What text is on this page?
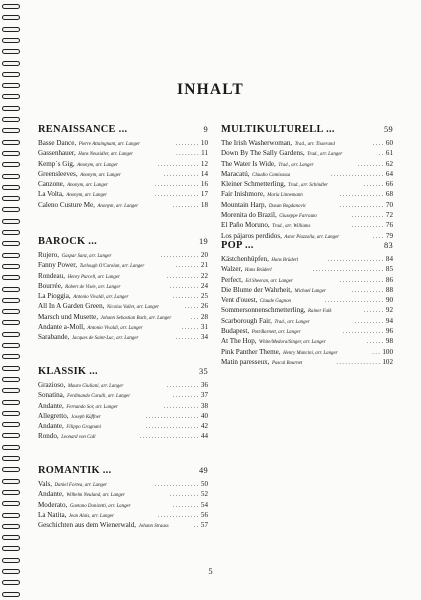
INHALT
RENAISSANCE ...	9
Basse Dance, Pierre Attaingnant, arr. Langer	........ 10
Gassenhauer, Hans Neusidler, arr. Langer	........ 11
Kemp´s Gig, Anonym, arr. Langer	.............. 12
Greensleeves, Anonym, arr. Langer	............ 14
Canzone, Anonym, arr. Langer	............... 16
La Volta, Anonym, arr. Langer	............... 17
Caleno Custure Me, Anonym, arr. Langer	......... 18
BAROCK ...	19
Rujero, Gaspar Sanz, arr. Langer	............. 20
Fanny Power, Turlough O'Carolan, arr. Langer	........ 21
Rondeau, Henry Purcell, arr. Langer	........... 22
Bourrée, Robert de Visée, arr. Langer	.......... 24
La Pioggia, Antonio Vivaldi, arr. Langer	......... 25
All In A Garden Green, Nicolas Vallet, arr. Langer	..... 26
Marsch und Musette, Johann Sebastian Bach, arr. Langer	... 28
Andante a-Moll, Antonio Vivaldi, arr. Langer	...... 31
Sarabande, Jacques de Saint-Luc, arr. Langer	........ 34
KLASSIK ...	35
Grazioso, Mauro Giuliani, arr. Langer	........... 36
Sonatina, Ferdinando Carulli, arr. Langer	......... 37
Andante, Fernando Sor, arr. Langer	............ 38
Allegretto, Joseph Küffner	.................. 40
Andante, Filippo Gragnani	.................. 42
Rondo, Leonard von Call	.................... 44
ROMANTIK ...	49
Vals, Daniel Fortea, arr. Langer	............... 50
Andante, Wilhelm Neuland, arr. Langer	.......... 52
Moderato, Gaetano Donizetti, arr. Langer	......... 54
La Natita, Jean Alais, arr. Langer	.............. 56
Geschichten aus dem Wienerwald, Johann Strauss	.. 57
MULTIKULTURELL ...	59
The Irish Washerwoman, Trad., arr. Tisserand	.... 60
Down By The Sally Gardens, Trad., arr. Langer	.. 61
The Water Is Wide, Trad., arr. Langer	......... 62
Maracatú, Claudio Camisassa	.................. 64
Kleiner Schmetterling, Trad., arr. Schindler	....... 66
Fair Inishmore, Maria Linnemann	............... 68
Mountain Harp, Dusan Bogdanovic	............... 70
Morenita do Brazil, Giuseppe Farrauto	........... 72
El Paño Moruno, Trad., arr. Williams	........... 76
Los pájaros perdidos, Astor Piazzolla, arr. Langer	.... 79
POP ...	83
Kästchenhüpfen, Hans Brüderl	................... 84
Walzer, Hans Brüderl	........................ 85
Perfect, Ed Sheeran, arr. Langer	............... 86
Die Blume der Wahrheit, Michael Langer	........... 88
Vent d'ouest, Claude Gagnon	.................... 90
Sommersonnenschmetterling, Rainer Falk	....... 92
Scarborough Fair, Trad., arr. Langer	.......... 94
Budapest, Pott/Barnett, arr. Langer	.............. 96
At The Hop, White/Medora/Singer, arr. Langer	...... 98
Pink Panther Theme, Henry Mancini, arr. Langer	... 100
Matin paresseux, Pascal Bournet	............... 102
5
